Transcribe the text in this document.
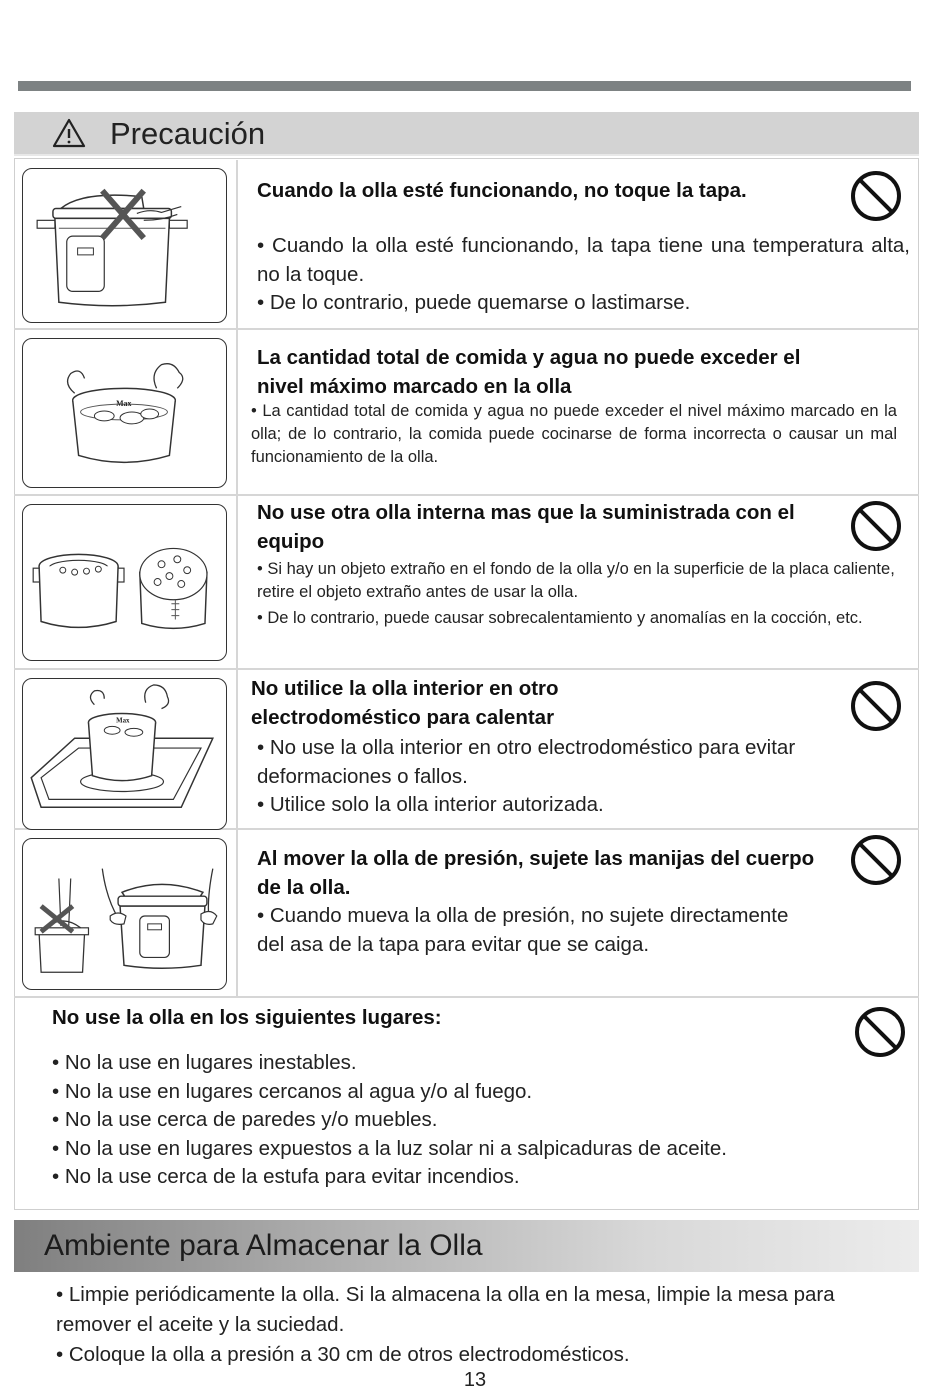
Precaución

Cuando la olla esté funcionando, no toque la tapa.

• Cuando la olla esté funcionando, la tapa tiene una temperatura alta, no la toque.

• De lo contrario, puede quemarse o lastimarse.

Max

La cantidad total de comida y agua no puede exceder el nivel máximo marcado en la olla

• La cantidad total de comida y agua no puede exceder el nivel máximo marcado en la olla; de lo contrario, la comida puede cocinarse de forma incorrecta o causar un mal funcionamiento de la olla.

No use otra olla interna mas que la suministrada con el equipo

• Si hay un objeto extraño en el fondo de la olla y/o en la superficie de la placa caliente, retire el objeto extraño antes de usar la olla.

• De lo contrario, puede causar sobrecalentamiento y anomalías en la cocción, etc.

Max

No utilice la olla interior en otro electrodoméstico para calentar

• No use la olla interior en otro electrodoméstico para evitar deformaciones o fallos.

• Utilice solo la olla interior autorizada.

Al mover la olla de presión, sujete las manijas del cuerpo de la olla.

• Cuando mueva la olla de presión, no sujete directamente del asa de la tapa para evitar que se caiga.

No use la olla en los siguientes lugares:

• No la use en lugares inestables.

• No la use en lugares cercanos al agua y/o al fuego.

• No la use cerca de paredes y/o muebles.

• No la use en lugares expuestos a la luz solar ni a salpicaduras de aceite.

• No la use cerca de la estufa para evitar incendios.

Ambiente para Almacenar la Olla

• Limpie periódicamente la olla. Si la almacena la olla en la mesa, limpie la mesa para remover el aceite y la suciedad.

• Coloque la olla a presión a 30 cm de otros electrodomésticos.

13
